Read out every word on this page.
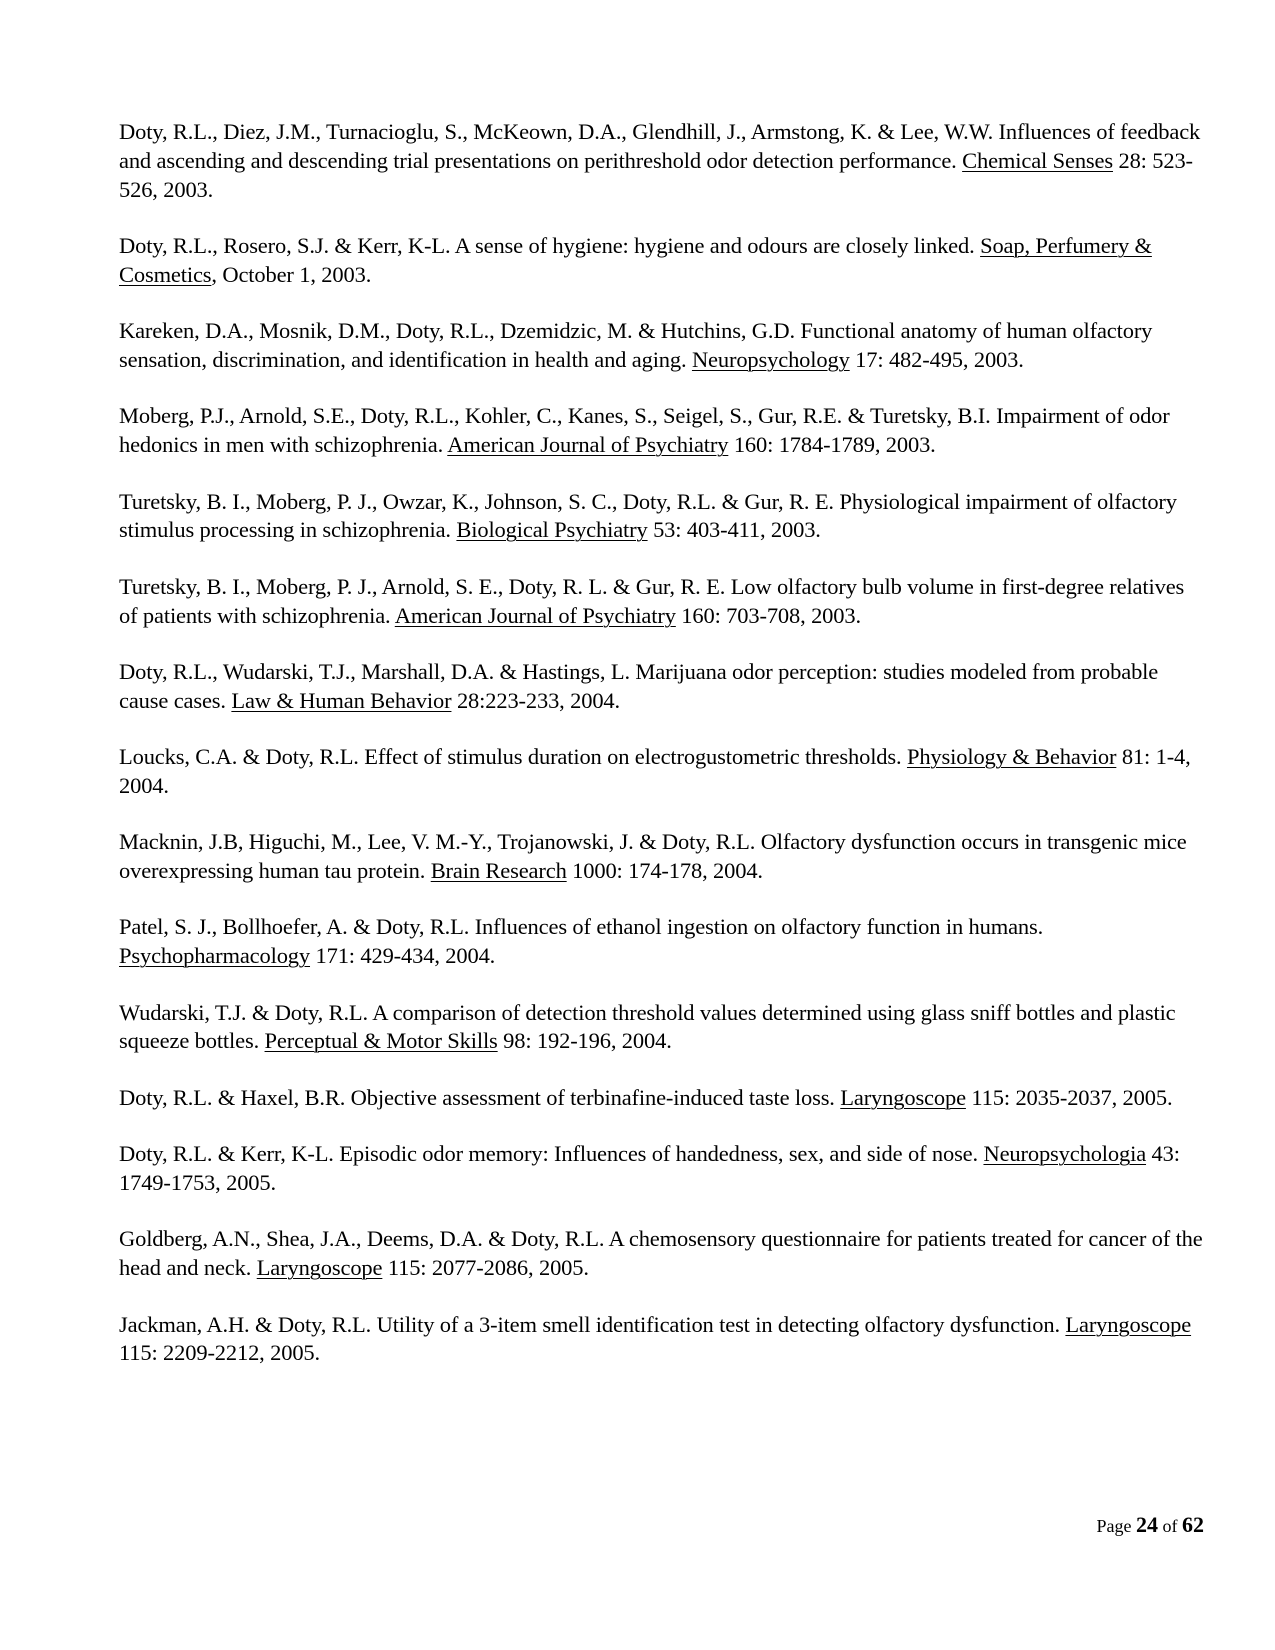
Doty, R.L., Diez, J.M., Turnacioglu, S., McKeown, D.A., Glendhill, J., Armstong, K. & Lee, W.W. Influences of feedback and ascending and descending trial presentations on perithreshold odor detection performance. Chemical Senses 28: 523-526, 2003.

Doty, R.L., Rosero, S.J. & Kerr, K-L. A sense of hygiene: hygiene and odours are closely linked. Soap, Perfumery & Cosmetics, October 1, 2003.

Kareken, D.A., Mosnik, D.M., Doty, R.L., Dzemidzic, M. & Hutchins, G.D. Functional anatomy of human olfactory sensation, discrimination, and identification in health and aging. Neuropsychology 17: 482-495, 2003.

Moberg, P.J., Arnold, S.E., Doty, R.L., Kohler, C., Kanes, S., Seigel, S., Gur, R.E. & Turetsky, B.I. Impairment of odor hedonics in men with schizophrenia. American Journal of Psychiatry 160: 1784-1789, 2003.

Turetsky, B. I., Moberg, P. J., Owzar, K., Johnson, S. C., Doty, R.L. & Gur, R. E. Physiological impairment of olfactory stimulus processing in schizophrenia. Biological Psychiatry 53: 403-411, 2003.

Turetsky, B. I., Moberg, P. J., Arnold, S. E., Doty, R. L. & Gur, R. E. Low olfactory bulb volume in first-degree relatives of patients with schizophrenia. American Journal of Psychiatry 160: 703-708, 2003.

Doty, R.L., Wudarski, T.J., Marshall, D.A. & Hastings, L. Marijuana odor perception: studies modeled from probable cause cases. Law & Human Behavior 28:223-233, 2004.

Loucks, C.A. & Doty, R.L. Effect of stimulus duration on electrogustometric thresholds. Physiology & Behavior 81: 1-4, 2004.

Macknin, J.B, Higuchi, M., Lee, V. M.-Y., Trojanowski, J. & Doty, R.L. Olfactory dysfunction occurs in transgenic mice overexpressing human tau protein. Brain Research 1000: 174-178, 2004.

Patel, S. J., Bollhoefer, A. & Doty, R.L. Influences of ethanol ingestion on olfactory function in humans. Psychopharmacology 171: 429-434, 2004.

Wudarski, T.J. & Doty, R.L. A comparison of detection threshold values determined using glass sniff bottles and plastic squeeze bottles. Perceptual & Motor Skills 98: 192-196, 2004.

Doty, R.L. & Haxel, B.R. Objective assessment of terbinafine-induced taste loss. Laryngoscope 115: 2035-2037, 2005.

Doty, R.L. & Kerr, K-L. Episodic odor memory: Influences of handedness, sex, and side of nose. Neuropsychologia 43: 1749-1753, 2005.

Goldberg, A.N., Shea, J.A., Deems, D.A. & Doty, R.L. A chemosensory questionnaire for patients treated for cancer of the head and neck. Laryngoscope 115: 2077-2086, 2005.

Jackman, A.H. & Doty, R.L. Utility of a 3-item smell identification test in detecting olfactory dysfunction. Laryngoscope 115: 2209-2212, 2005.

Page 24 of 62
